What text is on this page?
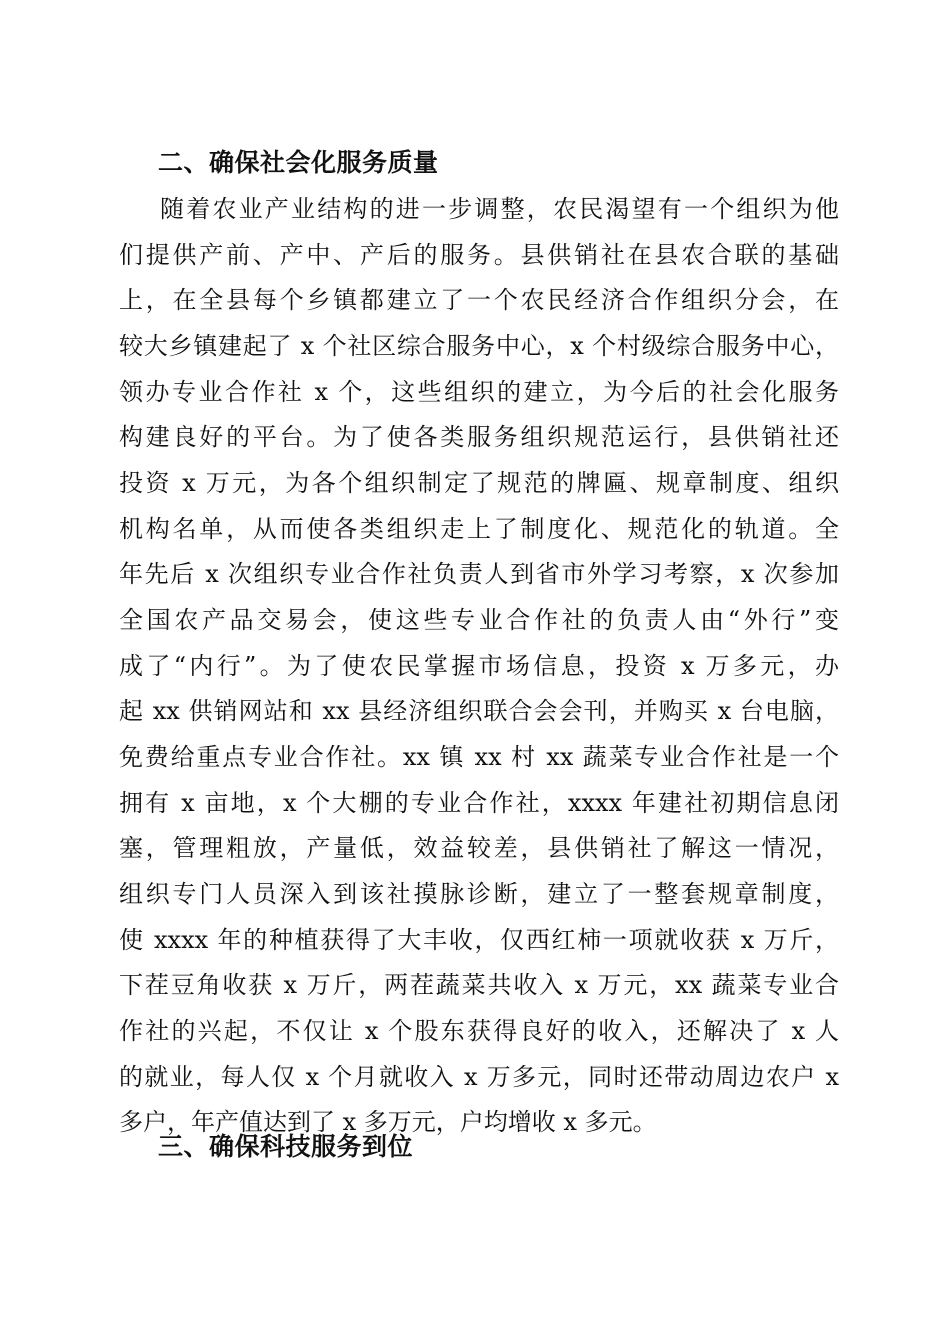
二、确保社会化服务质量
随着农业产业结构的进一步调整，农民渴望有一个组织为他
们提供产前、产中、产后的服务。县供销社在县农合联的基础
上，在全县每个乡镇都建立了一个农民经济合作组织分会，在
较大乡镇建起了 x 个社区综合服务中心，x 个村级综合服务中心，
领办专业合作社 x 个，这些组织的建立，为今后的社会化服务
构建良好的平台。为了使各类服务组织规范运行，县供销社还
投资 x 万元，为各个组织制定了规范的牌匾、规章制度、组织
机构名单，从而使各类组织走上了制度化、规范化的轨道。全
年先后 x 次组织专业合作社负责人到省市外学习考察，x 次参加
全国农产品交易会，使这些专业合作社的负责人由“外行”变
成了“内行”。为了使农民掌握市场信息，投资 x 万多元，办
起 xx 供销网站和 xx 县经济组织联合会会刊，并购买 x 台电脑，
免费给重点专业合作社。xx 镇 xx 村 xx 蔬菜专业合作社是一个
拥有 x 亩地，x 个大棚的专业合作社，xxxx 年建社初期信息闭
塞，管理粗放，产量低，效益较差，县供销社了解这一情况，
组织专门人员深入到该社摸脉诊断，建立了一整套规章制度，
使 xxxx 年的种植获得了大丰收，仅西红柿一项就收获 x 万斤，
下茬豆角收获 x 万斤，两茬蔬菜共收入 x 万元，xx 蔬菜专业合
作社的兴起，不仅让 x 个股东获得良好的收入，还解决了 x 人
的就业，每人仅 x 个月就收入 x 万多元，同时还带动周边农户 x
多户，年产值达到了 x 多万元，户均增收 x 多元。
三、确保科技服务到位
